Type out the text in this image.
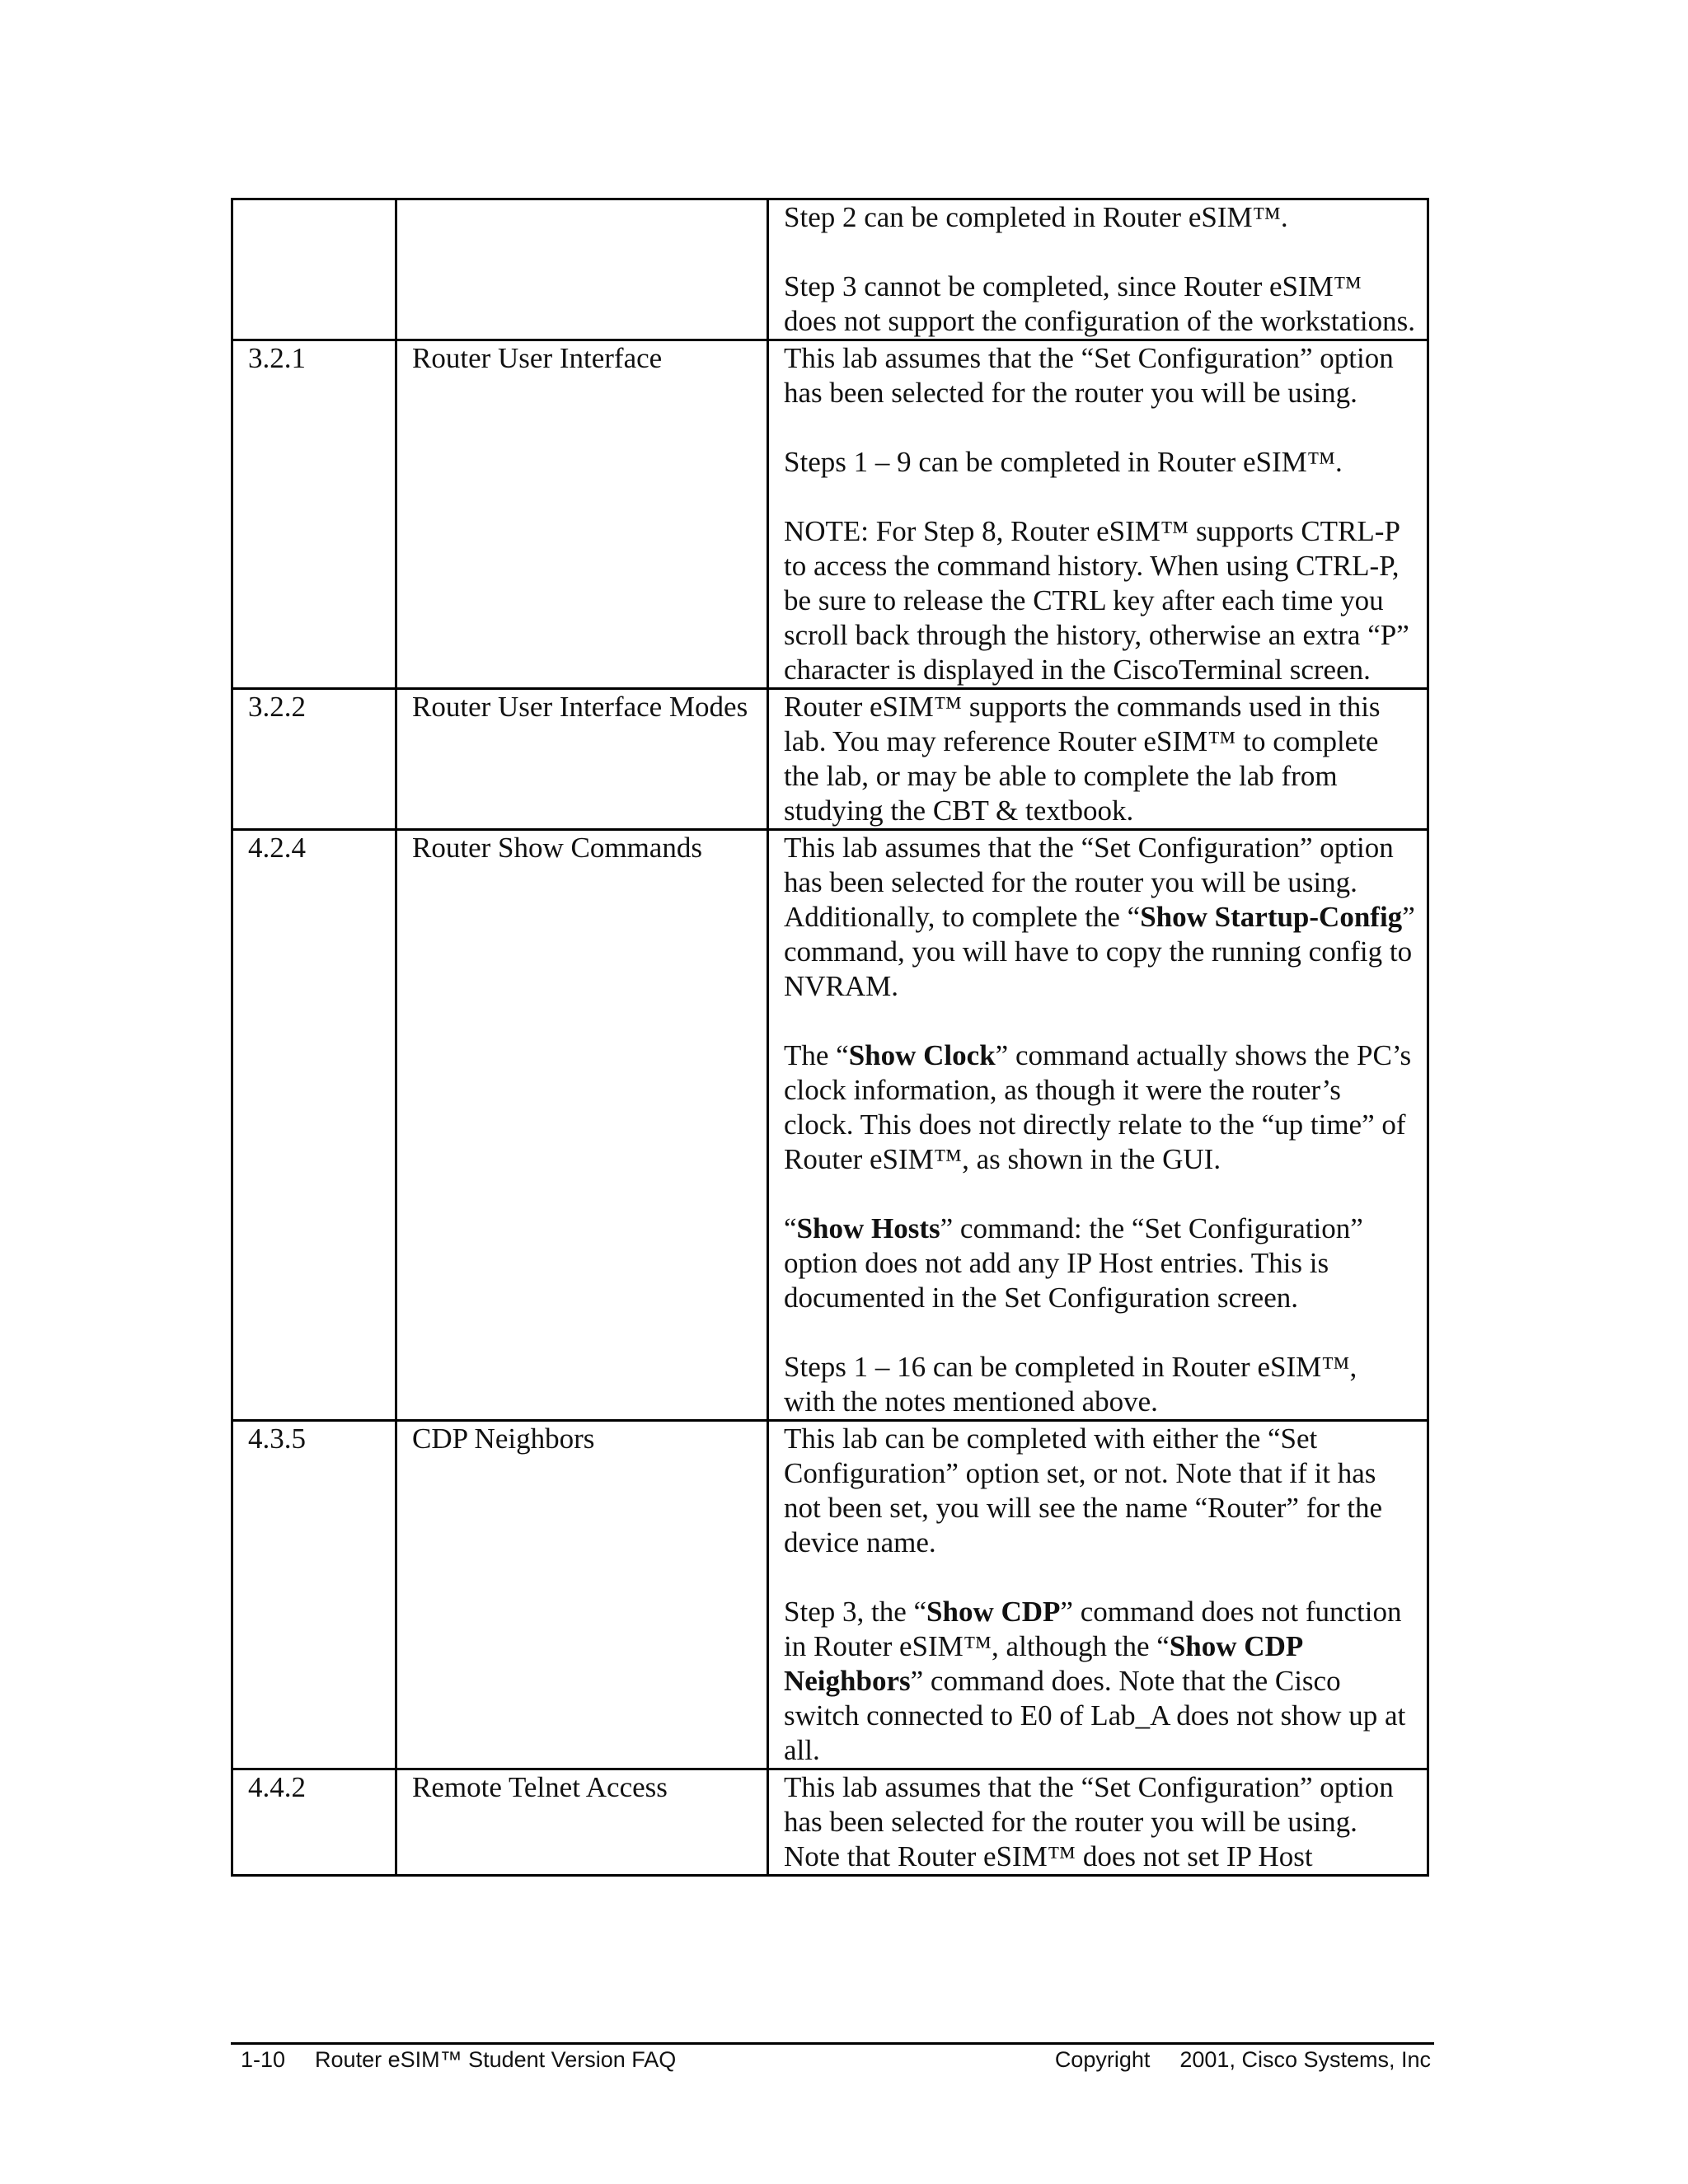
		Step 2 can be completed in Router eSIM™.

Step 3 cannot be completed, since Router eSIM™ does not support the configuration of the workstations.

3.2.1	Router User Interface	This lab assumes that the “Set Configuration” option has been selected for the router you will be using.

Steps 1 – 9 can be completed in Router eSIM™.

NOTE: For Step 8, Router eSIM™ supports CTRL-P to access the command history. When using CTRL-P, be sure to release the CTRL key after each time you scroll back through the history, otherwise an extra “P” character is displayed in the CiscoTerminal screen.

3.2.2	Router User Interface Modes	Router eSIM™ supports the commands used in this lab. You may reference Router eSIM™ to complete the lab, or may be able to complete the lab from studying the CBT & textbook.

4.2.4	Router Show Commands	This lab assumes that the “Set Configuration” option has been selected for the router you will be using. Additionally, to complete the “Show Startup-Config” command, you will have to copy the running config to NVRAM.

The “Show Clock” command actually shows the PC’s clock information, as though it were the router’s clock. This does not directly relate to the “up time” of Router eSIM™, as shown in the GUI.

“Show Hosts” command: the “Set Configuration” option does not add any IP Host entries. This is documented in the Set Configuration screen.

Steps 1 – 16 can be completed in Router eSIM™, with the notes mentioned above.

4.3.5	CDP Neighbors	This lab can be completed with either the “Set Configuration” option set, or not. Note that if it has not been set, you will see the name “Router” for the device name.

Step 3, the “Show CDP” command does not function in Router eSIM™, although the “Show CDP Neighbors” command does. Note that the Cisco switch connected to E0 of Lab_A does not show up at all.

4.4.2	Remote Telnet Access	This lab assumes that the “Set Configuration” option has been selected for the router you will be using. Note that Router eSIM™ does not set IP Host

1-10 Router eSIM™ Student Version FAQ	Copyright 2001, Cisco Systems, Inc
